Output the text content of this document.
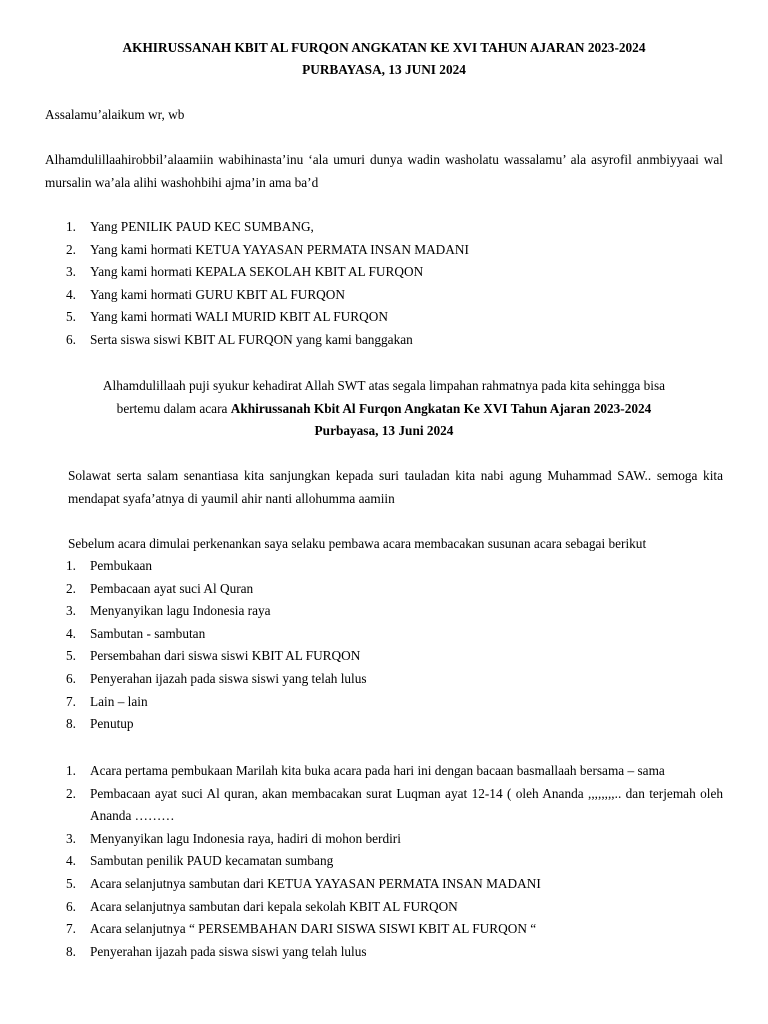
AKHIRUSSANAH KBIT AL FURQON ANGKATAN KE XVI TAHUN AJARAN 2023-2024
PURBAYASA, 13 JUNI 2024

Assalamu’alaikum wr, wb

Alhamdulillaahirobbil’alaamiin wabihinasta’inu ‘ala umuri dunya wadin washolatu wassalamu’ ala asyrofil anmbiyyaai wal mursalin wa’ala alihi washohbihi ajma’in ama ba’d

1. Yang PENILIK PAUD KEC SUMBANG,
2. Yang kami hormati KETUA YAYASAN PERMATA INSAN MADANI
3. Yang kami hormati KEPALA SEKOLAH KBIT AL FURQON
4. Yang kami hormati GURU KBIT AL FURQON
5. Yang kami hormati WALI MURID KBIT AL FURQON
6. Serta siswa siswi KBIT AL FURQON yang kami banggakan
Alhamdulillaah puji syukur kehadirat Allah SWT atas segala limpahan rahmatnya pada kita sehingga bisa
bertemu dalam acara Akhirussanah Kbit Al Furqon Angkatan Ke XVI Tahun Ajaran 2023-2024
Purbayasa, 13 Juni 2024

Solawat serta salam senantiasa kita sanjungkan kepada suri tauladan kita nabi agung Muhammad SAW.. semoga kita mendapat syafa’atnya di yaumil ahir nanti allohumma aamiin

Sebelum acara dimulai perkenankan saya selaku pembawa acara membacakan susunan acara sebagai berikut

1. Pembukaan
2. Pembacaan ayat suci Al Quran
3. Menyanyikan lagu Indonesia raya
4. Sambutan - sambutan
5. Persembahan dari siswa siswi KBIT AL FURQON
6. Penyerahan ijazah pada siswa siswi yang telah lulus
7. Lain – lain
8. Penutup
1. Acara pertama pembukaan Marilah kita buka acara pada hari ini dengan bacaan basmallaah bersama – sama
2. Pembacaan ayat suci Al quran, akan membacakan surat Luqman ayat 12-14 ( oleh Ananda ,,,,,,,,.. dan terjemah oleh Ananda ………
3. Menyanyikan lagu Indonesia raya, hadiri di mohon berdiri
4. Sambutan penilik PAUD kecamatan sumbang
5. Acara selanjutnya sambutan dari KETUA YAYASAN PERMATA INSAN MADANI
6. Acara selanjutnya sambutan dari kepala sekolah KBIT AL FURQON
7. Acara selanjutnya “ PERSEMBAHAN DARI SISWA SISWI KBIT AL FURQON “
8. Penyerahan ijazah pada siswa siswi yang telah lulus
